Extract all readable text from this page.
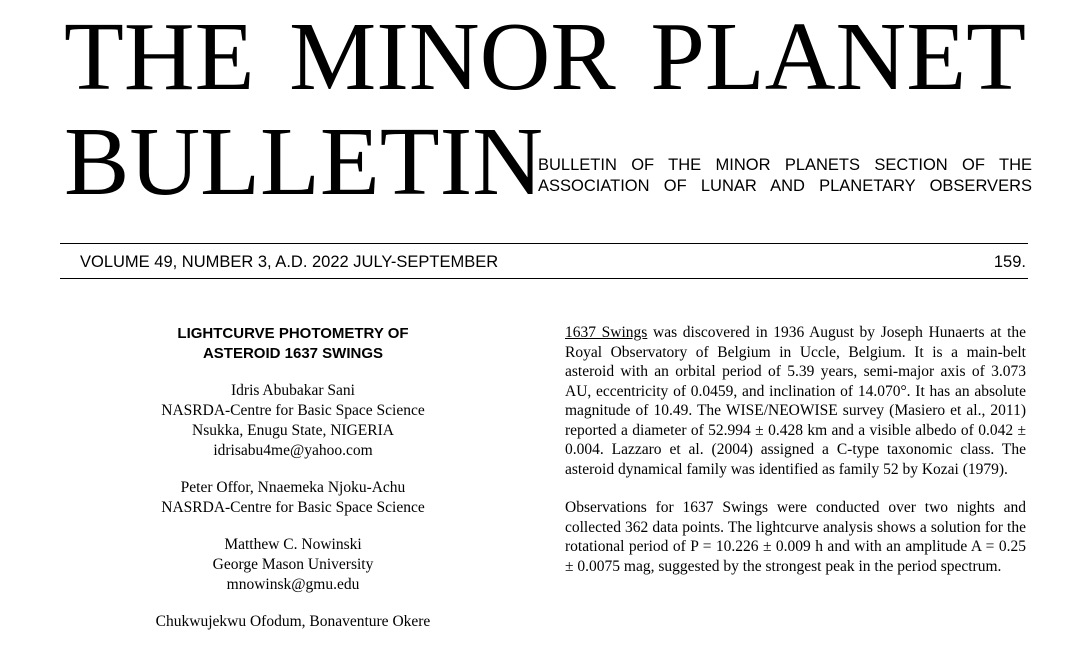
THE MINOR PLANET
BULLETIN
BULLETIN OF THE MINOR PLANETS SECTION OF THE ASSOCIATION OF LUNAR AND PLANETARY OBSERVERS
VOLUME 49, NUMBER 3, A.D. 2022 JULY-SEPTEMBER	159.
LIGHTCURVE PHOTOMETRY OF
ASTEROID 1637 SWINGS
Idris Abubakar Sani
NASRDA-Centre for Basic Space Science
Nsukka, Enugu State, NIGERIA
idrisabu4me@yahoo.com
Peter Offor, Nnaemeka Njoku-Achu
NASRDA-Centre for Basic Space Science
Matthew C. Nowinski
George Mason University
mnowinsk@gmu.edu
Chukwujekwu Ofodum, Bonaventure Okere

1637 Swings was discovered in 1936 August by Joseph Hunaerts at the Royal Observatory of Belgium in Uccle, Belgium. It is a main-belt asteroid with an orbital period of 5.39 years, semi-major axis of 3.073 AU, eccentricity of 0.0459, and inclination of 14.070°. It has an absolute magnitude of 10.49. The WISE/NEOWISE survey (Masiero et al., 2011) reported a diameter of 52.994 ± 0.428 km and a visible albedo of 0.042 ± 0.004. Lazzaro et al. (2004) assigned a C-type taxonomic class. The asteroid dynamical family was identified as family 52 by Kozai (1979).

Observations for 1637 Swings were conducted over two nights and collected 362 data points. The lightcurve analysis shows a solution for the rotational period of P = 10.226 ± 0.009 h and with an amplitude A = 0.25 ± 0.0075 mag, suggested by the strongest peak in the period spectrum.
